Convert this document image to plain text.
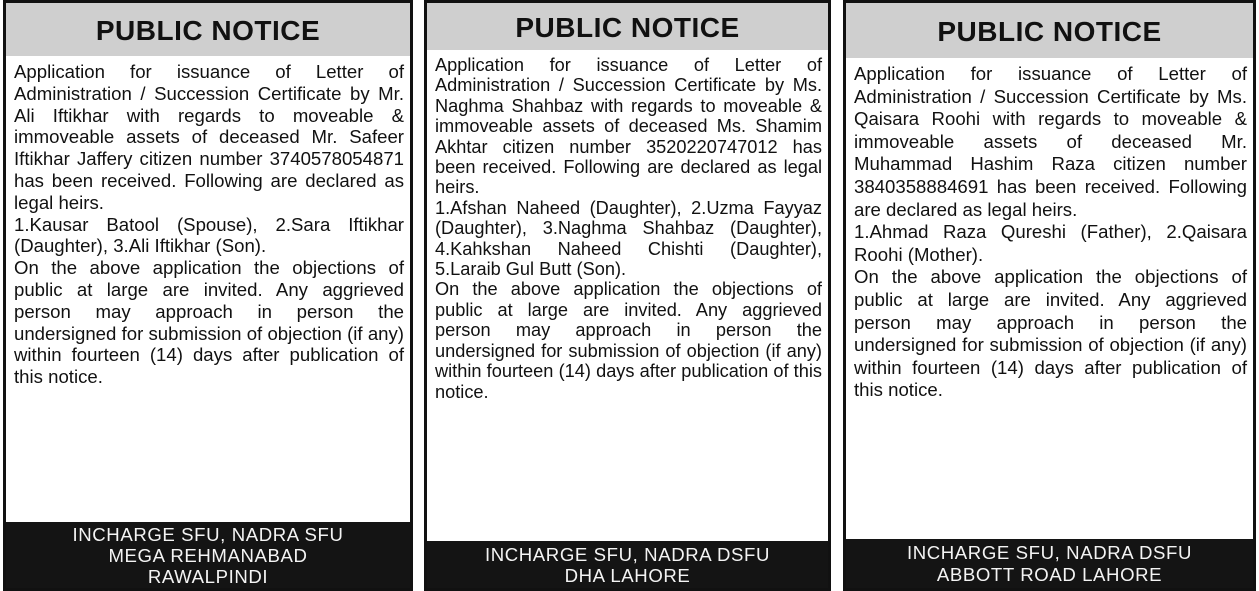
PUBLIC NOTICE

Application for issuance of Letter of Administration / Succession Certificate by Mr. Ali Iftikhar with regards to moveable & immoveable assets of deceased Mr. Safeer Iftikhar Jaffery citizen number 3740578054871 has been received. Following are declared as legal heirs.

1.Kausar Batool (Spouse), 2.Sara Iftikhar (Daughter), 3.Ali Iftikhar (Son).

On the above application the objections of public at large are invited. Any aggrieved person may approach in person the undersigned for submission of objection (if any) within fourteen (14) days after publication of this notice.

INCHARGE SFU, NADRA SFU
MEGA REHMANABAD
RAWALPINDI
PUBLIC NOTICE

Application for issuance of Letter of Administration / Succession Certificate by Ms. Naghma Shahbaz with regards to moveable & immoveable assets of deceased Ms. Shamim Akhtar citizen number 3520220747012 has been received. Following are declared as legal heirs.

1.Afshan Naheed (Daughter), 2.Uzma Fayyaz (Daughter), 3.Naghma Shahbaz (Daughter), 4.Kahkshan Naheed Chishti (Daughter), 5.Laraib Gul Butt (Son).

On the above application the objections of public at large are invited. Any aggrieved person may approach in person the undersigned for submission of objection (if any) within fourteen (14) days after publication of this notice.

INCHARGE SFU, NADRA DSFU
DHA LAHORE
PUBLIC NOTICE

Application for issuance of Letter of Administration / Succession Certificate by Ms. Qaisara Roohi with regards to moveable & immoveable assets of deceased Mr. Muhammad Hashim Raza citizen number 3840358884691 has been received. Following are declared as legal heirs.

1.Ahmad Raza Qureshi (Father), 2.Qaisara Roohi (Mother).

On the above application the objections of public at large are invited. Any aggrieved person may approach in person the undersigned for submission of objection (if any) within fourteen (14) days after publication of this notice.

INCHARGE SFU, NADRA DSFU
ABBOTT ROAD LAHORE
